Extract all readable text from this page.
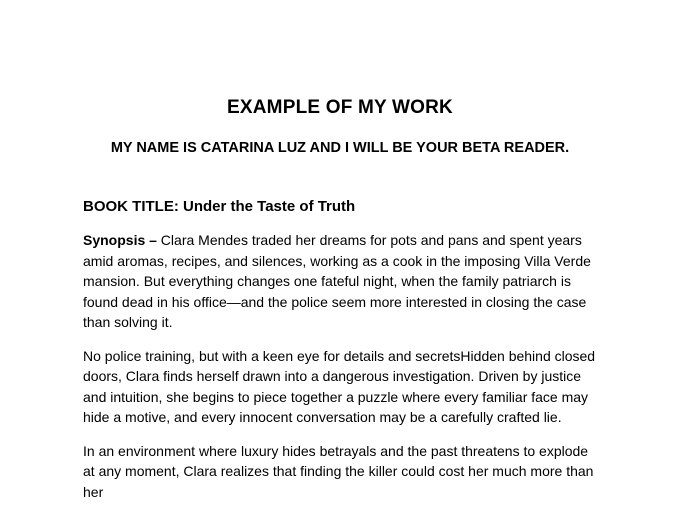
EXAMPLE OF MY WORK
MY NAME IS CATARINA LUZ AND I WILL BE YOUR BETA READER.
BOOK TITLE: Under the Taste of Truth

Synopsis – Clara Mendes traded her dreams for pots and pans and spent years amid aromas, recipes, and silences, working as a cook in the imposing Villa Verde mansion. But everything changes one fateful night, when the family patriarch is found dead in his office—and the police seem more interested in closing the case than solving it.

No police training, but with a keen eye for details and secretsHidden behind closed doors, Clara finds herself drawn into a dangerous investigation. Driven by justice and intuition, she begins to piece together a puzzle where every familiar face may hide a motive, and every innocent conversation may be a carefully crafted lie.

In an environment where luxury hides betrayals and the past threatens to explode at any moment, Clara realizes that finding the killer could cost her much more than her
